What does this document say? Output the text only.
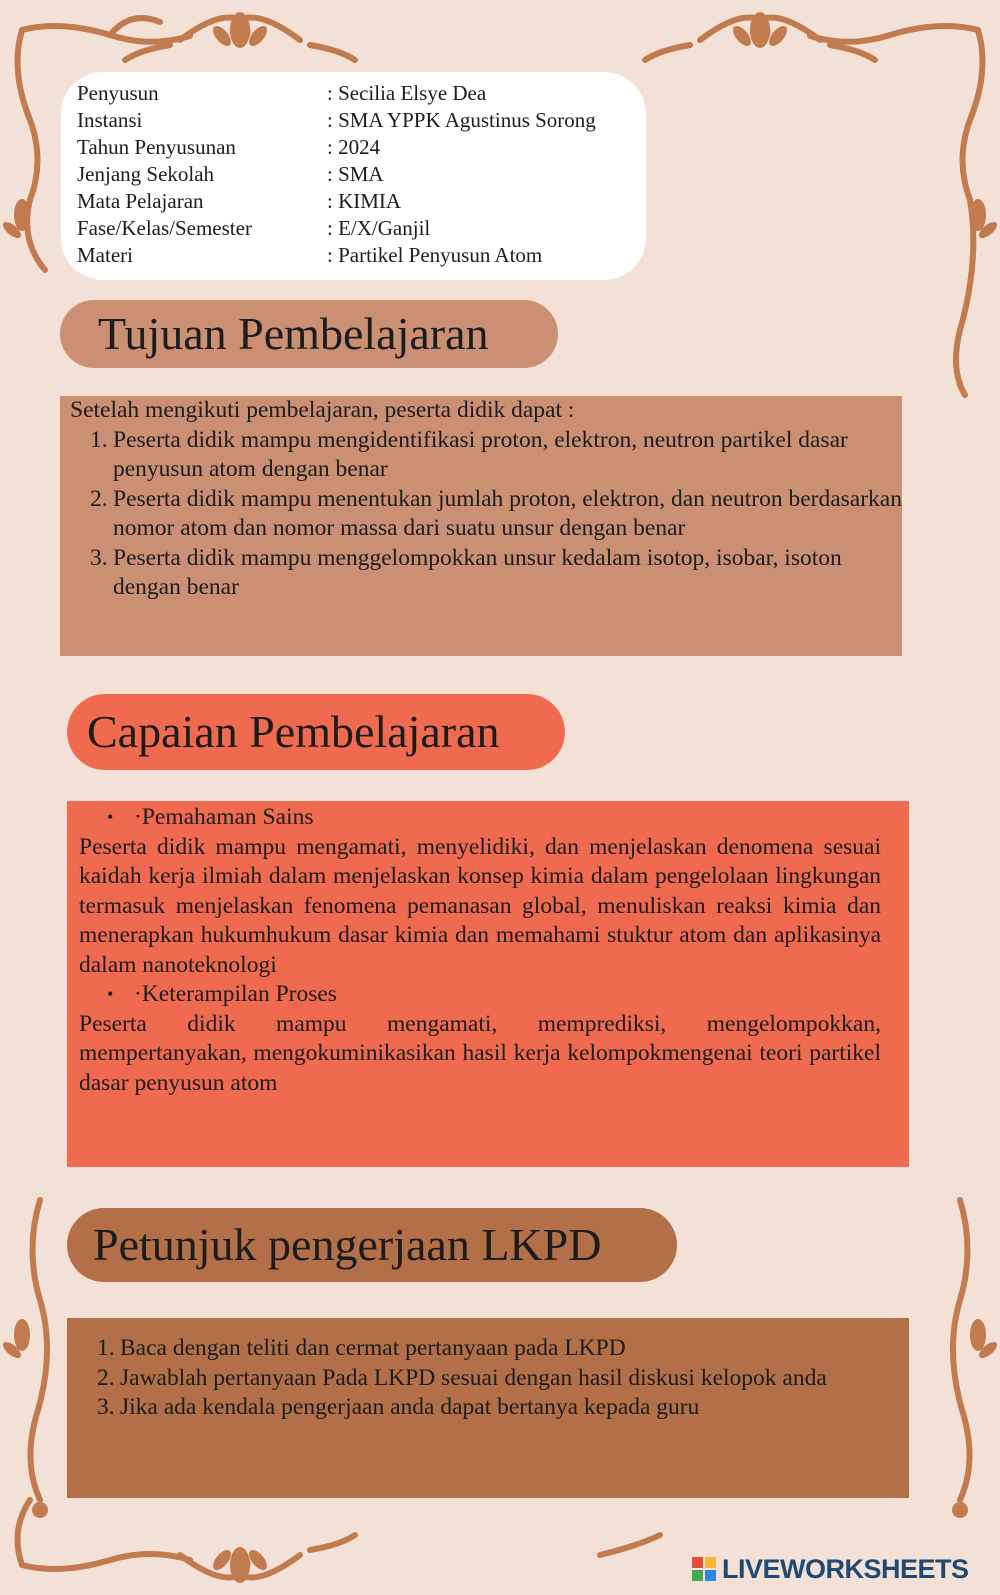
Penyusun	: Secilia Elsye Dea
Instansi	: SMA YPPK Agustinus Sorong
Tahun Penyusunan	: 2024
Jenjang Sekolah	: SMA
Mata Pelajaran	: KIMIA
Fase/Kelas/Semester	: E/X/Ganjil
Materi	: Partikel Penyusun Atom
Tujuan Pembelajaran
Setelah mengikuti pembelajaran, peserta didik dapat :
1. Peserta didik mampu mengidentifikasi proton, elektron, neutron partikel dasar penyusun atom dengan benar
2. Peserta didik mampu menentukan jumlah proton, elektron, dan neutron berdasarkan nomor atom dan nomor massa dari suatu unsur dengan benar
3. Peserta didik mampu menggelompokkan unsur kedalam isotop, isobar, isoton dengan benar
Capaian Pembelajaran
• ·Pemahaman Sains
Peserta didik mampu mengamati, menyelidiki, dan menjelaskan denomena sesuai kaidah kerja ilmiah dalam menjelaskan konsep kimia dalam pengelolaan lingkungan termasuk menjelaskan fenomena pemanasan global, menuliskan reaksi kimia dan menerapkan hukumhukum dasar kimia dan memahami stuktur atom dan aplikasinya dalam nanoteknologi
• ·Keterampilan Proses
Peserta didik mampu mengamati, memprediksi, mengelompokkan, mempertanyakan, mengokuminikasikan hasil kerja kelompokmengenai teori partikel dasar penyusun atom
Petunjuk pengerjaan LKPD
1. Baca dengan teliti dan cermat pertanyaan pada LKPD
2. Jawablah pertanyaan Pada LKPD sesuai dengan hasil diskusi kelopok anda
3. Jika ada kendala pengerjaan anda dapat bertanya kepada guru
LIVEWORKSHEETS
